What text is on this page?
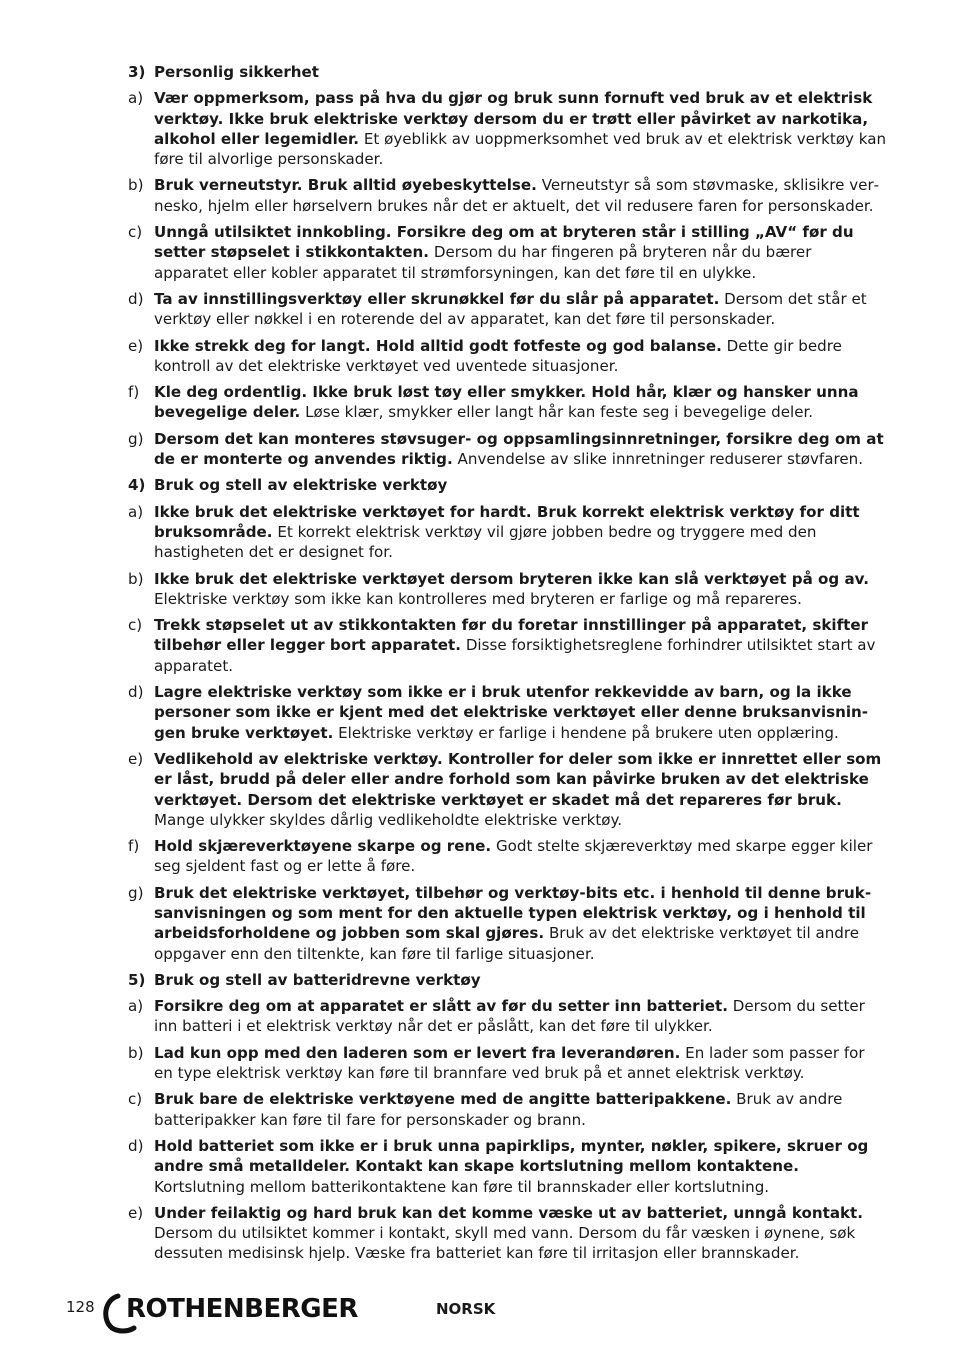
3) Personlig sikkerhet
a) Vær oppmerksom, pass på hva du gjør og bruk sunn fornuft ved bruk av et elektrisk verktøy. Ikke bruk elektriske verktøy dersom du er trøtt eller påvirket av narkotika, alkohol eller legemidler. Et øyeblikk av uoppmerksomhet ved bruk av et elektrisk verktøy kan føre til alvorlige personskader.
b) Bruk verneutstyr. Bruk alltid øyebeskyttelse. Verneutstyr så som støvmaske, sklisikre vernesko, hjelm eller hørselvern brukes når det er aktuelt, det vil redusere faren for personskader.
c) Unngå utilsiktet innkobling. Forsikre deg om at bryteren står i stilling „AV“ før du setter støpselet i stikkontakten. Dersom du har fingeren på bryteren når du bærer apparatet eller kobler apparatet til strømforsyningen, kan det føre til en ulykke.
d) Ta av innstillingsverktøy eller skrunøkkel før du slår på apparatet. Dersom det står et verktøy eller nøkkel i en roterende del av apparatet, kan det føre til personskader.
e) Ikke strekk deg for langt. Hold alltid godt fotfeste og god balanse. Dette gir bedre kontroll av det elektriske verktøyet ved uventede situasjoner.
f) Kle deg ordentlig. Ikke bruk løst tøy eller smykker. Hold hår, klær og hansker unna bevegelige deler. Løse klær, smykker eller langt hår kan feste seg i bevegelige deler.
g) Dersom det kan monteres støvsuger- og oppsamlingsinnretninger, forsikre deg om at de er monterte og anvendes riktig. Anvendelse av slike innretninger reduserer støvfaren.
4) Bruk og stell av elektriske verktøy
a) Ikke bruk det elektriske verktøyet for hardt. Bruk korrekt elektrisk verktøy for ditt bruksområde. Et korrekt elektrisk verktøy vil gjøre jobben bedre og tryggere med den hastigheten det er designet for.
b) Ikke bruk det elektriske verktøyet dersom bryteren ikke kan slå verktøyet på og av. Elektriske verktøy som ikke kan kontrolleres med bryteren er farlige og må repareres.
c) Trekk støpselet ut av stikkontakten før du foretar innstillinger på apparatet, skifter tilbehør eller legger bort apparatet. Disse forsiktighetsreglene forhindrer utilsiktet start av apparatet.
d) Lagre elektriske verktøy som ikke er i bruk utenfor rekkevidde av barn, og la ikke personer som ikke er kjent med det elektriske verktøyet eller denne bruksanvisningen bruke verktøyet. Elektriske verktøy er farlige i hendene på brukere uten opplæring.
e) Vedlikehold av elektriske verktøy. Kontroller for deler som ikke er innrettet eller som er låst, brudd på deler eller andre forhold som kan påvirke bruken av det elektriske verktøyet. Dersom det elektriske verktøyet er skadet må det repareres før bruk. Mange ulykker skyldes dårlig vedlikeholdte elektriske verktøy.
f) Hold skjæreverktøyene skarpe og rene. Godt stelte skjæreverktøy med skarpe egger kiler seg sjeldent fast og er lette å føre.
g) Bruk det elektriske verktøyet, tilbehør og verktøy-bits etc. i henhold til denne bruksanvisningen og som ment for den aktuelle typen elektrisk verktøy, og i henhold til arbeidsforholdene og jobben som skal gjøres. Bruk av det elektriske verktøyet til andre oppgaver enn den tiltenkte, kan føre til farlige situasjoner.
5) Bruk og stell av batteridrevne verktøy
a) Forsikre deg om at apparatet er slått av før du setter inn batteriet. Dersom du setter inn batteri i et elektrisk verktøy når det er påslått, kan det føre til ulykker.
b) Lad kun opp med den laderen som er levert fra leverandøren. En lader som passer for en type elektrisk verktøy kan føre til brannfare ved bruk på et annet elektrisk verktøy.
c) Bruk bare de elektriske verktøyene med de angitte batteripakkene. Bruk av andre batteripakker kan føre til fare for personskader og brann.
d) Hold batteriet som ikke er i bruk unna papirklips, mynter, nøkler, spikere, skruer og andre små metalldeler. Kontakt kan skape kortslutning mellom kontaktene. Kortslutning mellom batterikontaktene kan føre til brannskader eller kortslutning.
e) Under feilaktig og hard bruk kan det komme væske ut av batteriet, unngå kontakt. Dersom du utilsiktet kommer i kontakt, skyll med vann. Dersom du får væsken i øynene, søk dessuten medisinsk hjelp. Væske fra batteriet kan føre til irritasjon eller brannskader.
128 ROTHENBERGER	NORSK
